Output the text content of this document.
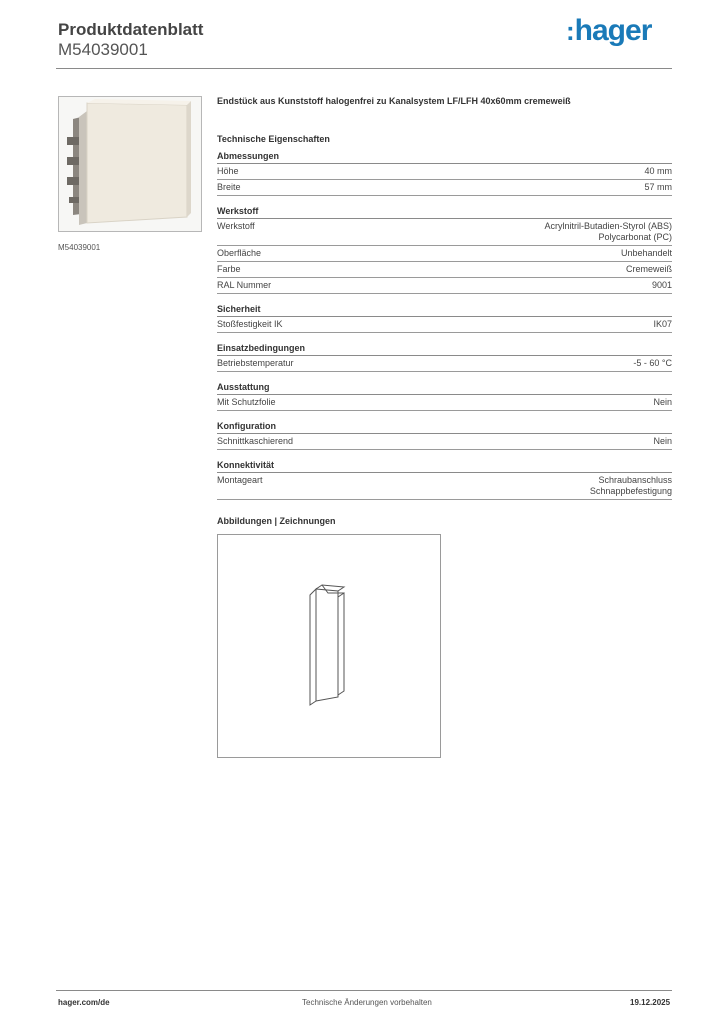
Produktdatenblatt
M54039001
:hager
M54039001

Endstück aus Kunststoff halogenfrei zu Kanalsystem LF/LFH 40x60mm cremeweiß

Technische Eigenschaften

Abmessungen
Höhe	40 mm
Breite	57 mm
Werkstoff
Werkstoff	Acrylnitril-Butadien-Styrol (ABS)
Polycarbonat (PC)
Oberfläche	Unbehandelt
Farbe	Cremeweiß
RAL Nummer	9001
Sicherheit
Stoßfestigkeit IK	IK07
Einsatzbedingungen
Betriebstemperatur	-5 - 60 °C
Ausstattung
Mit Schutzfolie	Nein
Konfiguration
Schnittkaschierend	Nein
Konnektivität
Montageart	Schraubanschluss
Schnappbefestigung
Abbildungen | Zeichnungen
hager.com/de	Technische Änderungen vorbehalten	19.12.2025
